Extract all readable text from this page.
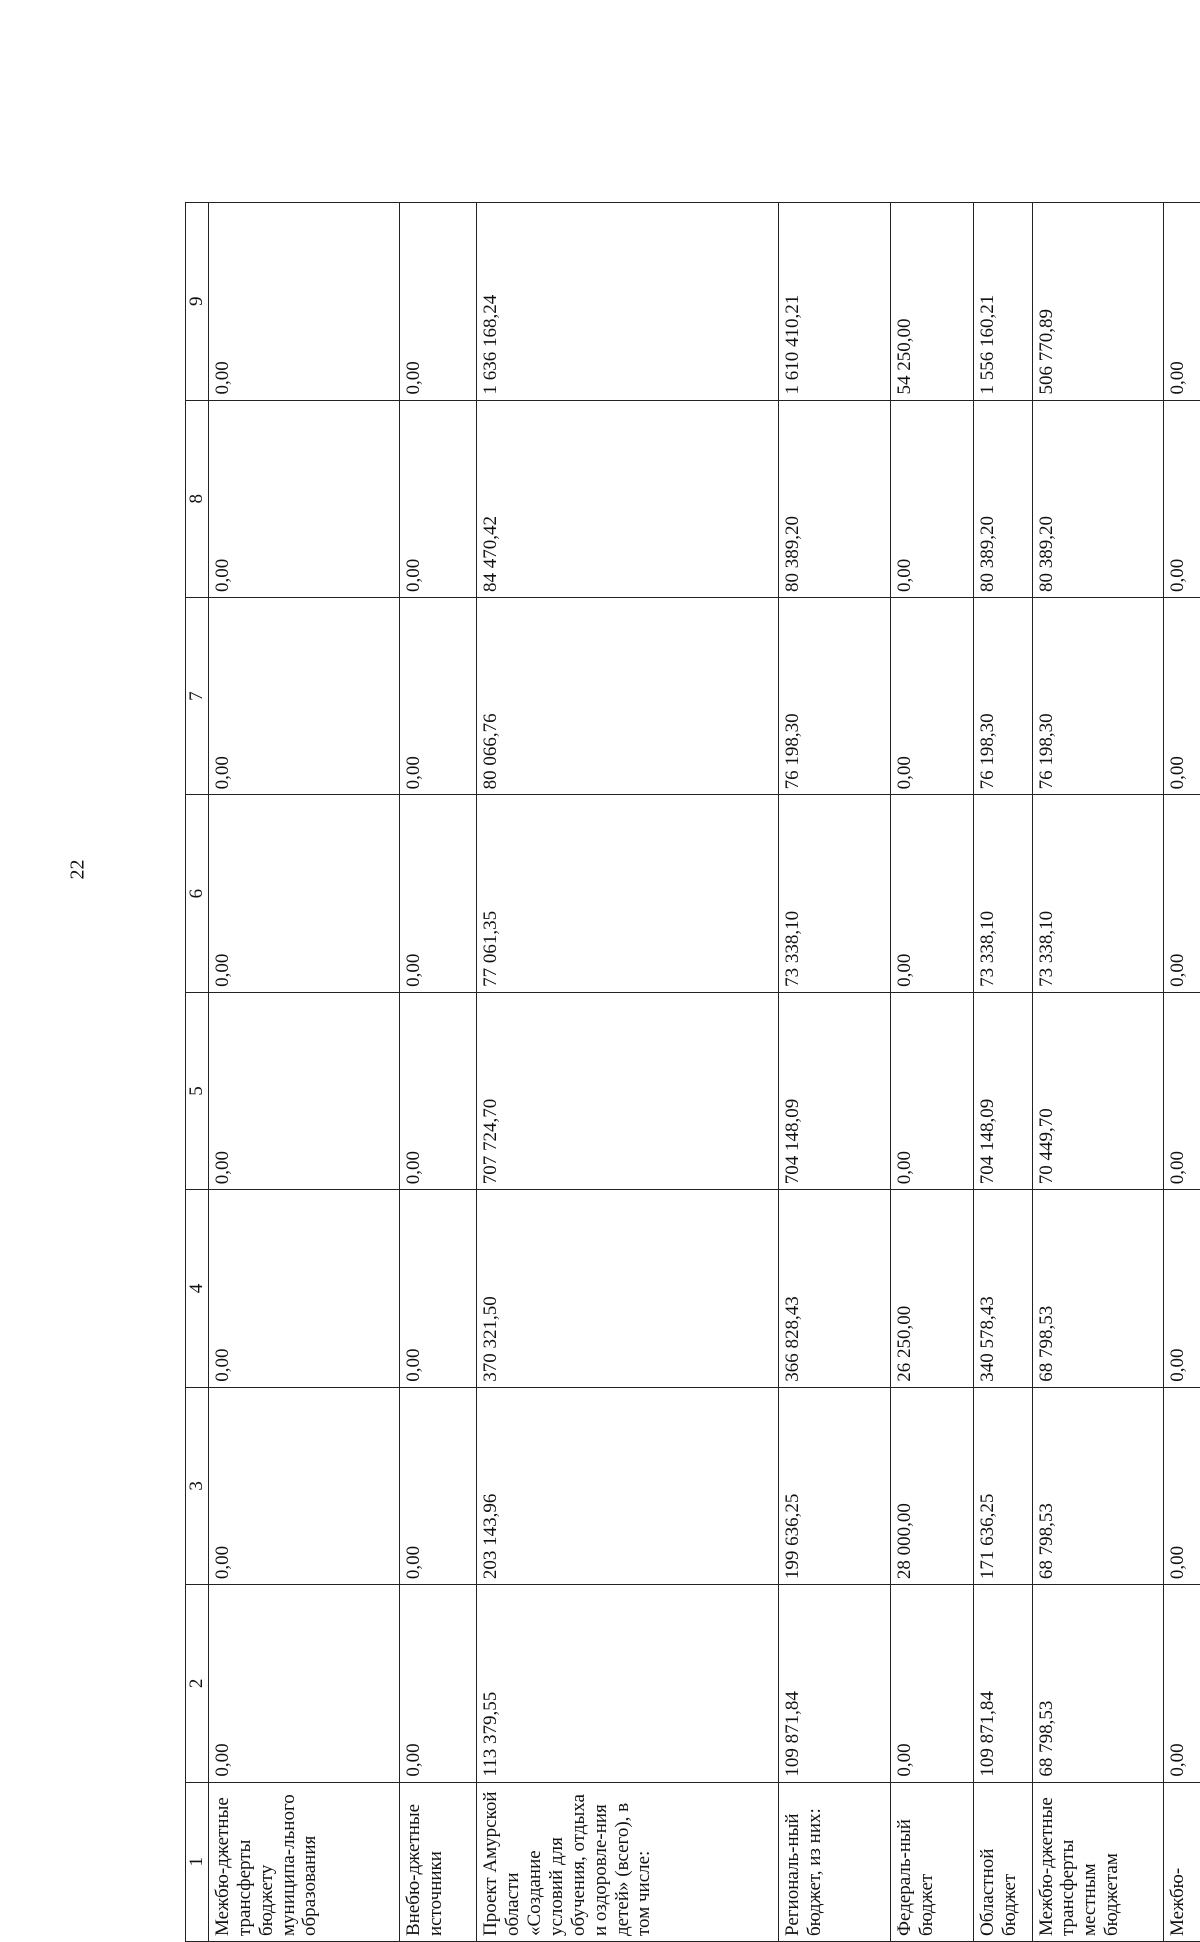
22
1	2	3	4	5	6	7	8	9
Межбю-джетные трансферты бюджету муниципа-льного образования	0,00	0,00	0,00	0,00	0,00	0,00	0,00	0,00
Внебю-джетные источники	0,00	0,00	0,00	0,00	0,00	0,00	0,00	0,00
Проект Амурской области «Создание условий для обучения, отдыха и оздоровле-ния детей» (всего), в том числе:	113 379,55	203 143,96	370 321,50	707 724,70	77 061,35	80 066,76	84 470,42	1 636 168,24
Региональ-ный бюджет, из них:	109 871,84	199 636,25	366 828,43	704 148,09	73 338,10	76 198,30	80 389,20	1 610 410,21
Федераль-ный бюджет	0,00	28 000,00	26 250,00	0,00	0,00	0,00	0,00	54 250,00
Областной бюджет	109 871,84	171 636,25	340 578,43	704 148,09	73 338,10	76 198,30	80 389,20	1 556 160,21
Межбю-джетные трансферты местным бюджетам	68 798,53	68 798,53	68 798,53	70 449,70	73 338,10	76 198,30	80 389,20	506 770,89
Межбю-	0,00	0,00	0,00	0,00	0,00	0,00	0,00	0,00
